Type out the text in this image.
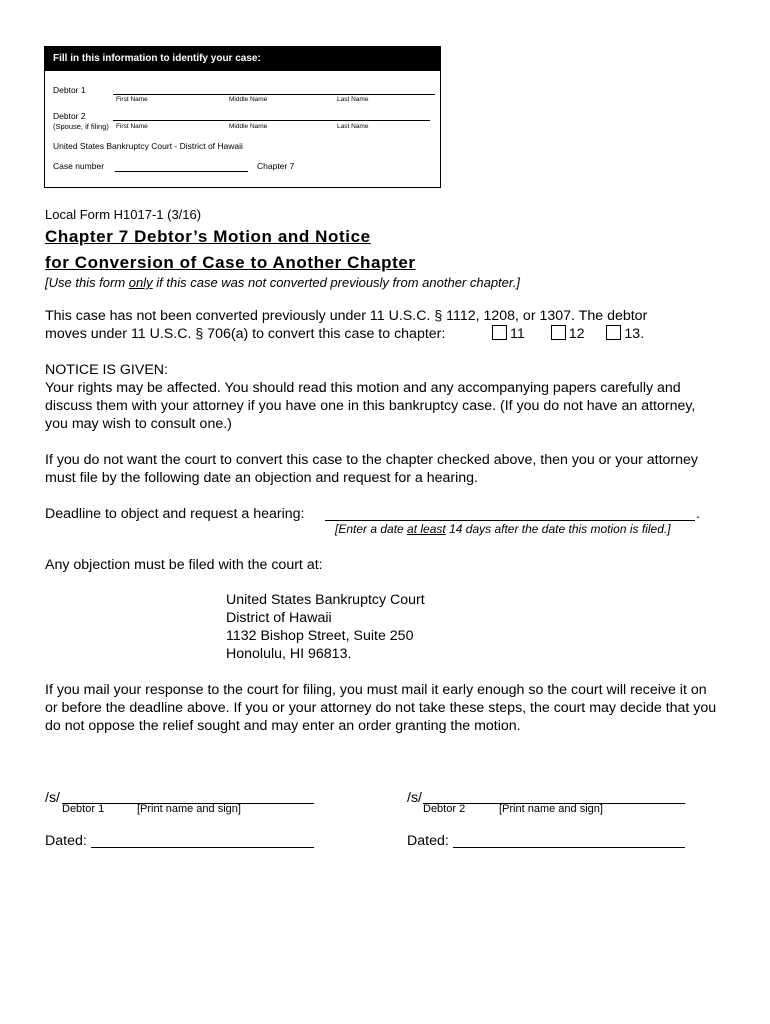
Fill in this information to identify your case:
Debtor 1
First Name	Middle Name	Last Name
Debtor 2
(Spouse, if filing) First Name	Middle Name	Last Name
United States Bankruptcy Court - District of Hawaii
Case number	Chapter 7
Local Form H1017-1 (3/16)
Chapter 7 Debtor’s Motion and Notice
for Conversion of Case to Another Chapter
[Use this form only if this case was not converted previously from another chapter.]
This case has not been converted previously under 11 U.S.C. § 1112, 1208, or 1307. The debtor
moves under 11 U.S.C. § 706(a) to convert this case to chapter:	11	12	13.
NOTICE IS GIVEN:
Your rights may be affected. You should read this motion and any accompanying papers carefully and discuss them with your attorney if you have one in this bankruptcy case. (If you do not have an attorney, you may wish to consult one.)
If you do not want the court to convert this case to the chapter checked above, then you or your attorney must file by the following date an objection and request for a hearing.
Deadline to object and request a hearing:	.
[Enter a date at least 14 days after the date this motion is filed.]
Any objection must be filed with the court at:
United States Bankruptcy Court
District of Hawaii
1132 Bishop Street, Suite 250
Honolulu, HI 96813.
If you mail your response to the court for filing, you must mail it early enough so the court will receive it on or before the deadline above. If you or your attorney do not take these steps, the court may decide that you do not oppose the relief sought and may enter an order granting the motion.
/s/
Debtor 1	[Print name and sign]
/s/
Debtor 2	[Print name and sign]
Dated:	Dated:
